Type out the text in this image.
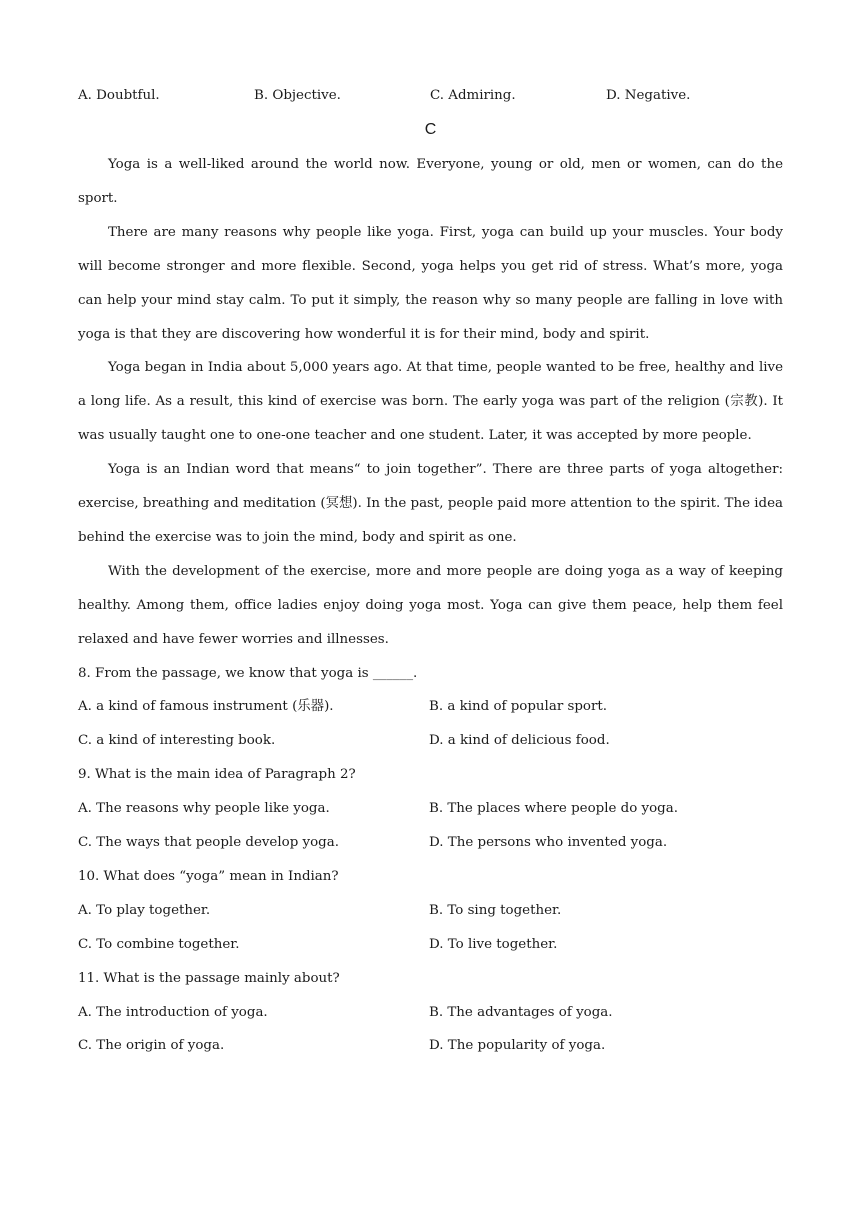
A. Doubtful.	B. Objective.	C. Admiring.	D. Negative.
C

Yoga is a well-liked around the world now. Everyone, young or old, men or women, can do the sport.

There are many reasons why people like yoga. First, yoga can build up your muscles. Your body will become stronger and more flexible. Second, yoga helps you get rid of stress. What’s more, yoga can help your mind stay calm. To put it simply, the reason why so many people are falling in love with yoga is that they are discovering how wonderful it is for their mind, body and spirit.

Yoga began in India about 5,000 years ago. At that time, people wanted to be free, healthy and live a long life. As a result, this kind of exercise was born. The early yoga was part of the religion (宗教). It was usually taught one to one-one teacher and one student. Later, it was accepted by more people.

Yoga is an Indian word that means“ to join together”. There are three parts of yoga altogether: exercise, breathing and meditation (冥想). In the past, people paid more attention to the spirit. The idea behind the exercise was to join the mind, body and spirit as one.

With the development of the exercise, more and more people are doing yoga as a way of keeping healthy. Among them, office ladies enjoy doing yoga most. Yoga can give them peace, help them feel relaxed and have fewer worries and illnesses.

8. From the passage, we know that yoga is ______.
A. a kind of famous instrument (乐器).	B. a kind of popular sport.
C. a kind of interesting book.	D. a kind of delicious food.
9. What is the main idea of Paragraph 2?
A. The reasons why people like yoga.	B. The places where people do yoga.
C. The ways that people develop yoga.	D. The persons who invented yoga.
10. What does “yoga” mean in Indian?
A. To play together.	B. To sing together.
C. To combine together.	D. To live together.
11. What is the passage mainly about?
A. The introduction of yoga.	B. The advantages of yoga.
C. The origin of yoga.	D. The popularity of yoga.
